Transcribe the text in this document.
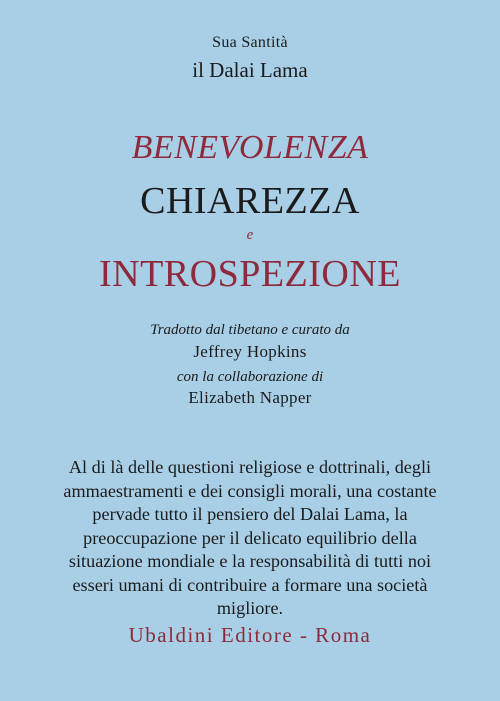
Sua Santità
il Dalai Lama
BENEVOLENZA
CHIAREZZA
e
INTROSPEZIONE
Tradotto dal tibetano e curato da
Jeffrey Hopkins
con la collaborazione di
Elizabeth Napper
Al di là delle questioni religiose e dottrinali, degli ammaestramenti e dei consigli morali, una costante pervade tutto il pensiero del Dalai Lama, la preoccupazione per il delicato equilibrio della situazione mondiale e la responsabilità di tutti noi esseri umani di contribuire a formare una società migliore.
Ubaldini Editore - Roma
